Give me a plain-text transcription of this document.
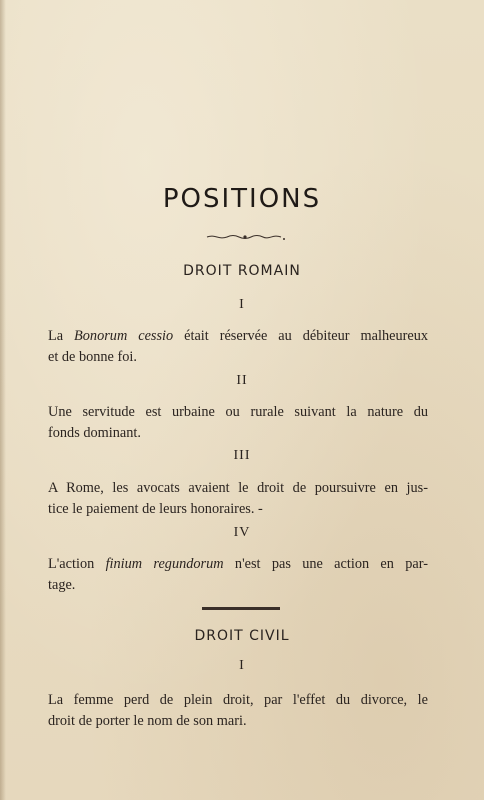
POSITIONS
DROIT ROMAIN
I
La Bonorum cessio était réservée au débiteur malheureux
et de bonne foi.
II
Une servitude est urbaine ou rurale suivant la nature du
fonds dominant.
III
A Rome, les avocats avaient le droit de poursuivre en jus-
tice le paiement de leurs honoraires. -
IV
L'action finium regundorum n'est pas une action en par-
tage.
DROIT CIVIL
I
La femme perd de plein droit, par l'effet du divorce, le
droit de porter le nom de son mari.
